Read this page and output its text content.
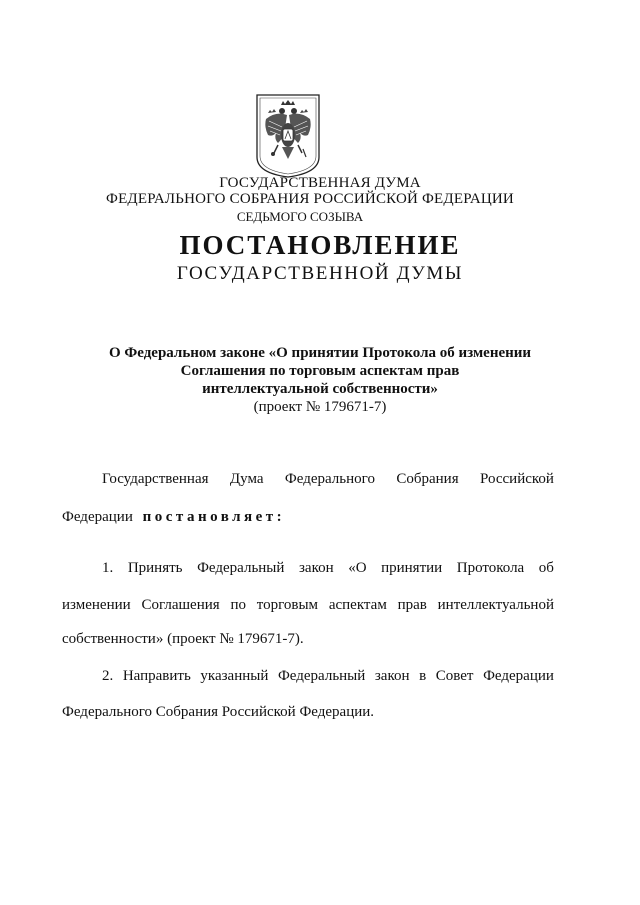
ГОСУДАРСТВЕННАЯ ДУМА
ФЕДЕРАЛЬНОГО СОБРАНИЯ РОССИЙСКОЙ ФЕДЕРАЦИИ
СЕДЬМОГО СОЗЫВА
ПОСТАНОВЛЕНИЕ
ГОСУДАРСТВЕННОЙ ДУМЫ
О Федеральном законе «О принятии Протокола об изменении
Соглашения по торговым аспектам прав
интеллектуальной собственности»
(проект № 179671-7)
Государственная Дума Федерального Собрания Российской
Федерации постановляет:
1. Принять Федеральный закон «О принятии Протокола об
изменении Соглашения по торговым аспектам прав интеллектуальной
собственности» (проект № 179671-7).
2. Направить указанный Федеральный закон в Совет Федерации
Федерального Собрания Российской Федерации.
